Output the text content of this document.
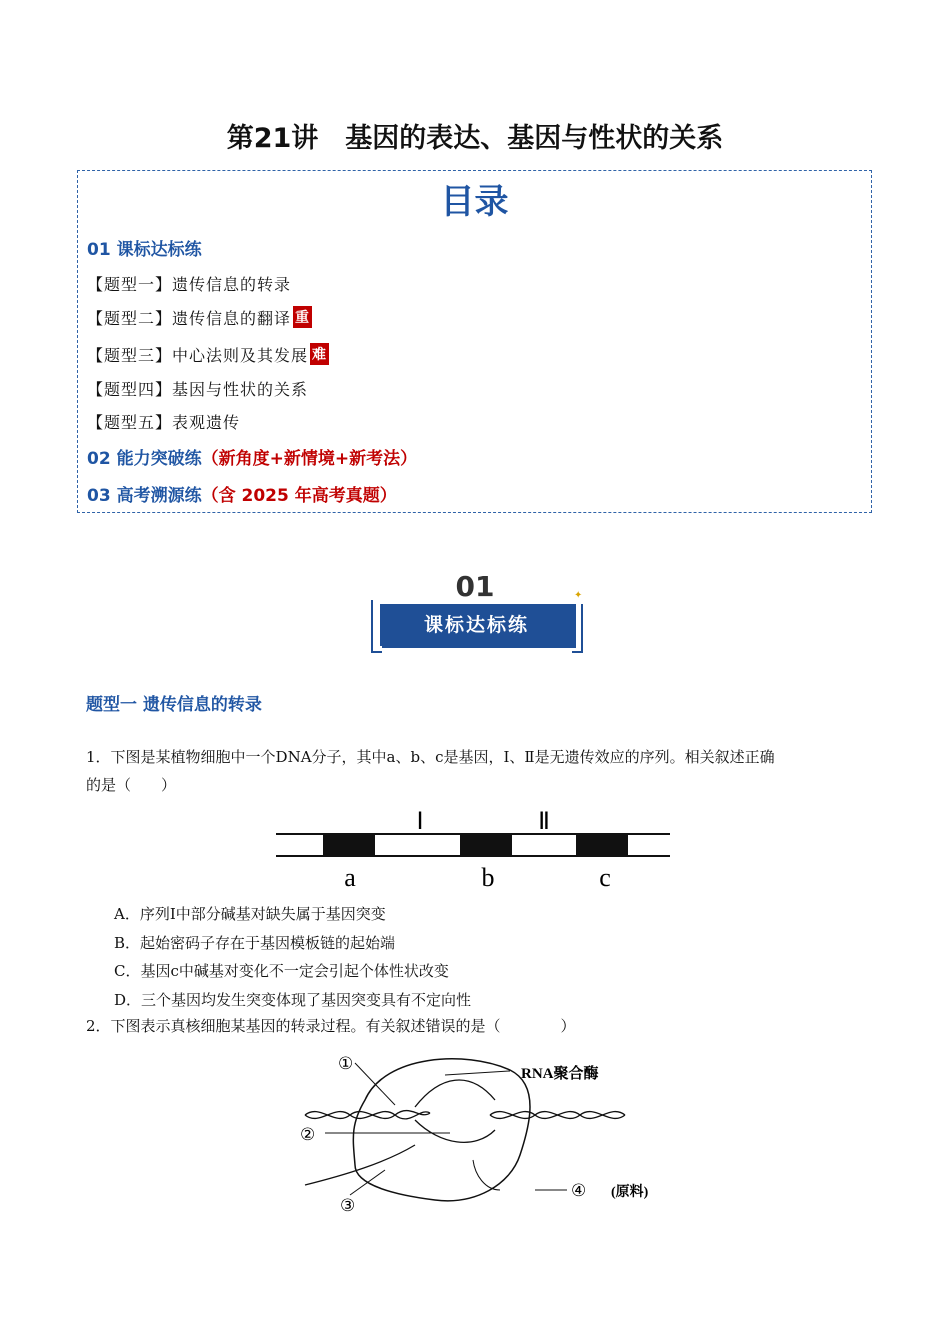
第21讲　基因的表达、基因与性状的关系
目录
01 课标达标练
【题型一】遗传信息的转录
【题型二】遗传信息的翻译 重
【题型三】中心法则及其发展 难
【题型四】基因与性状的关系
【题型五】表观遗传
02 能力突破练（新角度+新情境+新考法）
03 高考溯源练（含 2025 年高考真题）
01	✦
课标达标练
题型一 遗传信息的转录
1．下图是某植物细胞中一个DNA分子，其中a、b、c是基因，Ⅰ、Ⅱ是无遗传效应的序列。相关叙述正确
的是（　　）
Ⅰ	Ⅱ
a	b	c
A．序列Ⅰ中部分碱基对缺失属于基因突变
B．起始密码子存在于基因模板链的起始端
C．基因c中碱基对变化不一定会引起个体性状改变
D．三个基因均发生突变体现了基因突变具有不定向性
2．下图表示真核细胞某基因的转录过程。有关叙述错误的是（　　　　）
①
②
③
④
RNA聚合酶
(原料)
